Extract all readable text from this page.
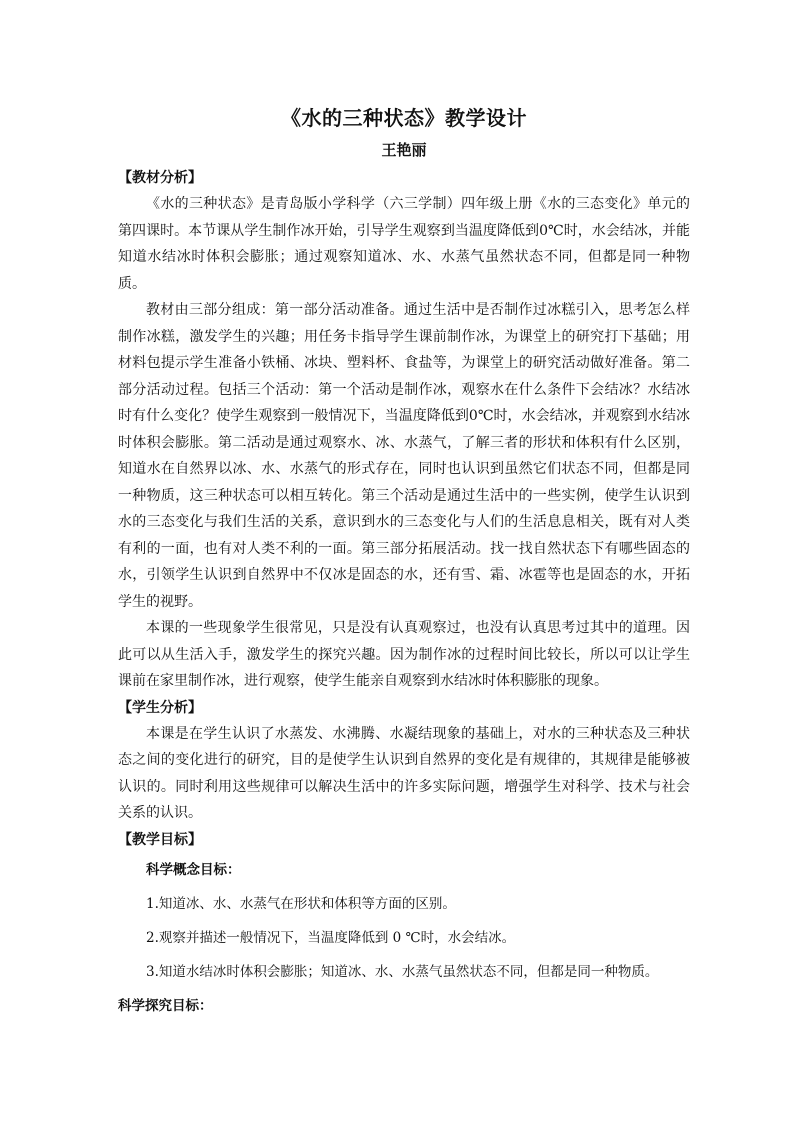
《水的三种状态》教学设计

王艳丽

【教材分析】

《水的三种状态》是青岛版小学科学（六三学制）四年级上册《水的三态变化》单元的第四课时。本节课从学生制作冰开始，引导学生观察到当温度降低到0℃时，水会结冰，并能知道水结冰时体积会膨胀；通过观察知道冰、水、水蒸气虽然状态不同，但都是同一种物质。

教材由三部分组成：第一部分活动准备。通过生活中是否制作过冰糕引入，思考怎么样制作冰糕，激发学生的兴趣；用任务卡指导学生课前制作冰，为课堂上的研究打下基础；用材料包提示学生准备小铁桶、冰块、塑料杯、食盐等，为课堂上的研究活动做好准备。第二部分活动过程。包括三个活动：第一个活动是制作冰，观察水在什么条件下会结冰？水结冰时有什么变化？使学生观察到一般情况下，当温度降低到0℃时，水会结冰，并观察到水结冰时体积会膨胀。第二活动是通过观察水、冰、水蒸气，了解三者的形状和体积有什么区别，知道水在自然界以冰、水、水蒸气的形式存在，同时也认识到虽然它们状态不同，但都是同一种物质，这三种状态可以相互转化。第三个活动是通过生活中的一些实例，使学生认识到水的三态变化与我们生活的关系，意识到水的三态变化与人们的生活息息相关，既有对人类有利的一面，也有对人类不利的一面。第三部分拓展活动。找一找自然状态下有哪些固态的水，引领学生认识到自然界中不仅冰是固态的水，还有雪、霜、冰雹等也是固态的水，开拓学生的视野。

本课的一些现象学生很常见，只是没有认真观察过，也没有认真思考过其中的道理。因此可以从生活入手，激发学生的探究兴趣。因为制作冰的过程时间比较长，所以可以让学生课前在家里制作冰，进行观察，使学生能亲自观察到水结冰时体积膨胀的现象。

【学生分析】

本课是在学生认识了水蒸发、水沸腾、水凝结现象的基础上，对水的三种状态及三种状态之间的变化进行的研究，目的是使学生认识到自然界的变化是有规律的，其规律是能够被认识的。同时利用这些规律可以解决生活中的许多实际问题，增强学生对科学、技术与社会关系的认识。

【教学目标】

科学概念目标：

1.知道冰、水、水蒸气在形状和体积等方面的区别。

2.观察并描述一般情况下，当温度降低到 0 ℃时，水会结冰。

3.知道水结冰时体积会膨胀；知道冰、水、水蒸气虽然状态不同，但都是同一种物质。

科学探究目标：
